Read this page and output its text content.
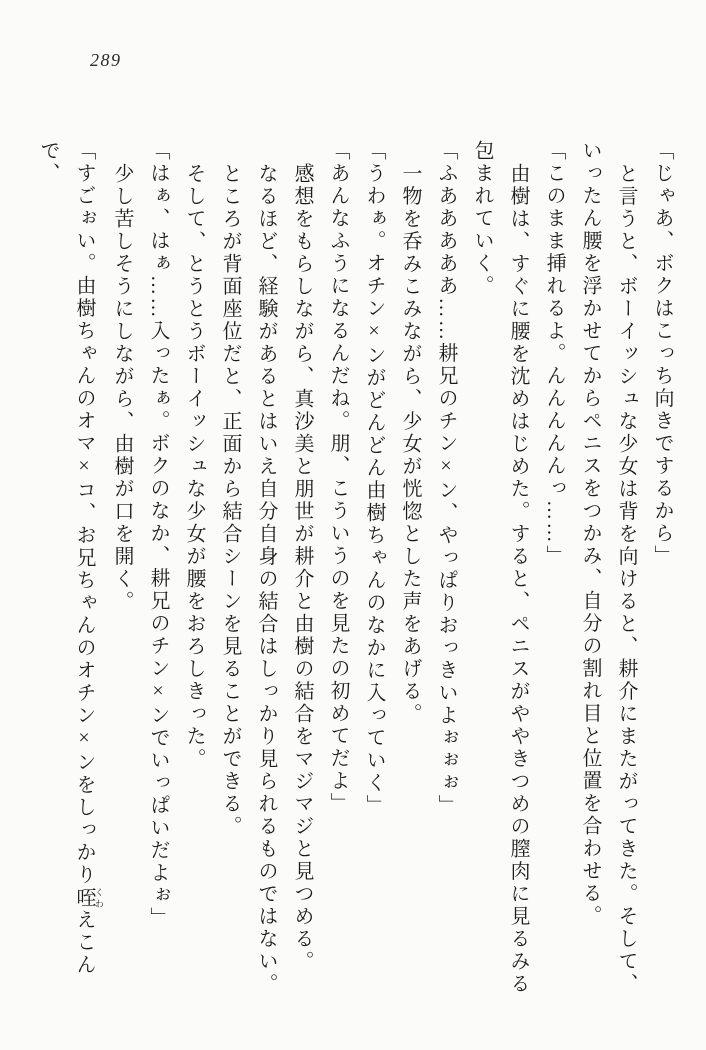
289
「じゃあ、ボクはこっち向きでするから」
と言うと、ボーイッシュな少女は背を向けると、耕介にまたがってきた。そして、
いったん腰を浮かせてからペニスをつかみ、自分の割れ目と位置を合わせる。
「このまま挿れるよ。んんんんんっ……」
由樹は、すぐに腰を沈めはじめた。すると、ペニスがややきつめの膣肉に見るみる
包まれていく。
「ふあああああ……耕兄のチン×ン、やっぱりおっきいよぉぉぉ」
一物を呑みこみながら、少女が恍惚とした声をあげる。
「うわぁ。オチン×ンがどんどん由樹ちゃんのなかに入っていく」
「あんなふうになるんだね。朋、こういうのを見たの初めてだよ」
感想をもらしながら、真沙美と朋世が耕介と由樹の結合をマジマジと見つめる。
なるほど、経験があるとはいえ自分自身の結合はしっかり見られるものではない。
ところが背面座位だと、正面から結合シーンを見ることができる。
そして、とうとうボーイッシュな少女が腰をおろしきった。
「はぁ、はぁ……入ったぁ。ボクのなか、耕兄のチン×ンでいっぱいだよぉ」
少し苦しそうにしながら、由樹が口を開く。
「すごぉい。由樹ちゃんのオマ×コ、お兄ちゃんのオチン×ンをしっかり咥 くわえこんで、
